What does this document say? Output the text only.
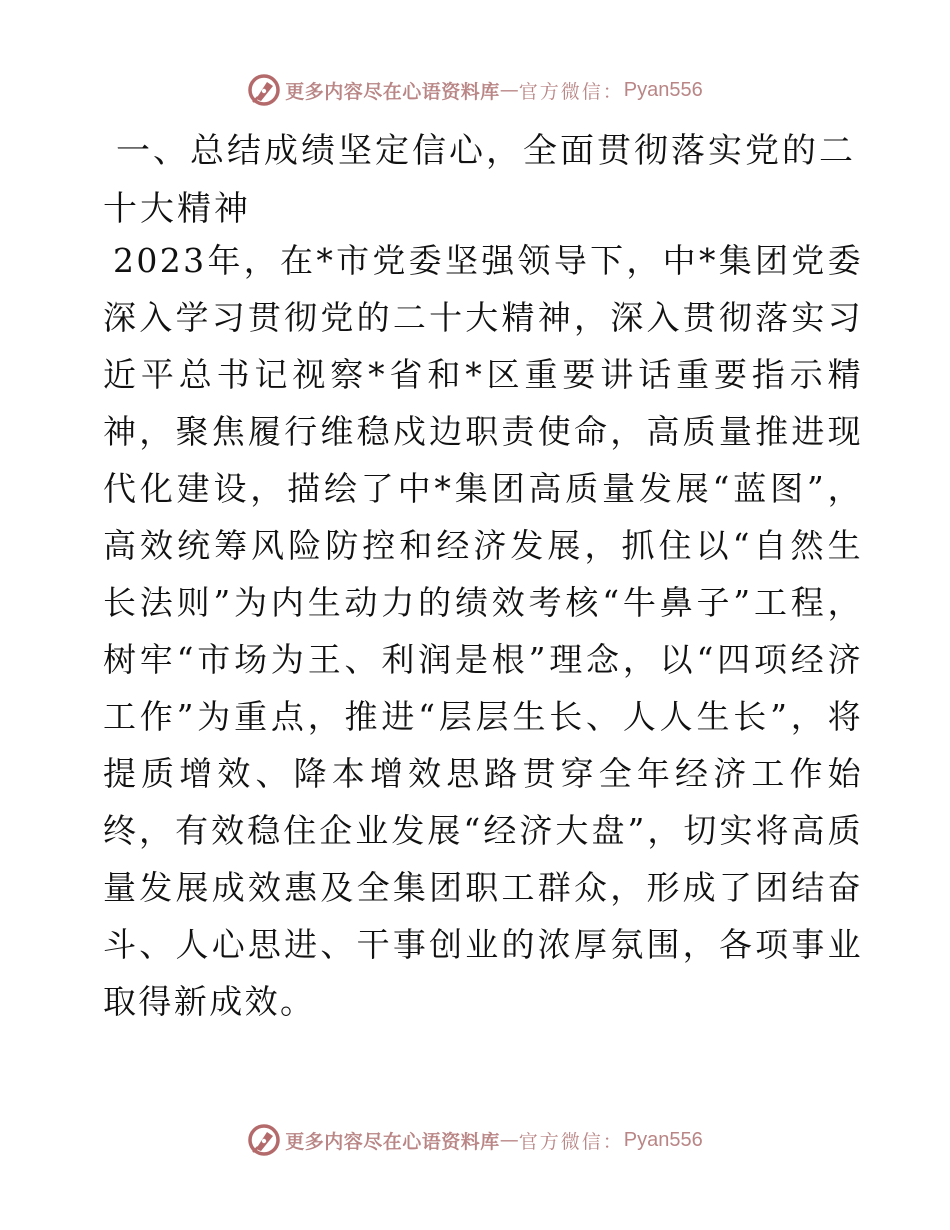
更多内容尽在心语资料库 — 官方微信： Pyan556
一、总结成绩坚定信心，全面贯彻落实党的二十大精神

2023年，在*市党委坚强领导下，中*集团党委深入学习贯彻党的二十大精神，深入贯彻落实习近平总书记视察*省和*区重要讲话重要指示精神，聚焦履行维稳戍边职责使命，高质量推进现代化建设，描绘了中*集团高质量发展“蓝图”，高效统筹风险防控和经济发展，抓住以“自然生长法则”为内生动力的绩效考核“牛鼻子”工程，树牢“市场为王、利润是根”理念，以“四项经济工作”为重点，推进“层层生长、人人生长”，将提质增效、降本增效思路贯穿全年经济工作始终，有效稳住企业发展“经济大盘”，切实将高质量发展成效惠及全集团职工群众，形成了团结奋斗、人心思进、干事创业的浓厚氛围，各项事业取得新成效。

更多内容尽在心语资料库 — 官方微信： Pyan556
